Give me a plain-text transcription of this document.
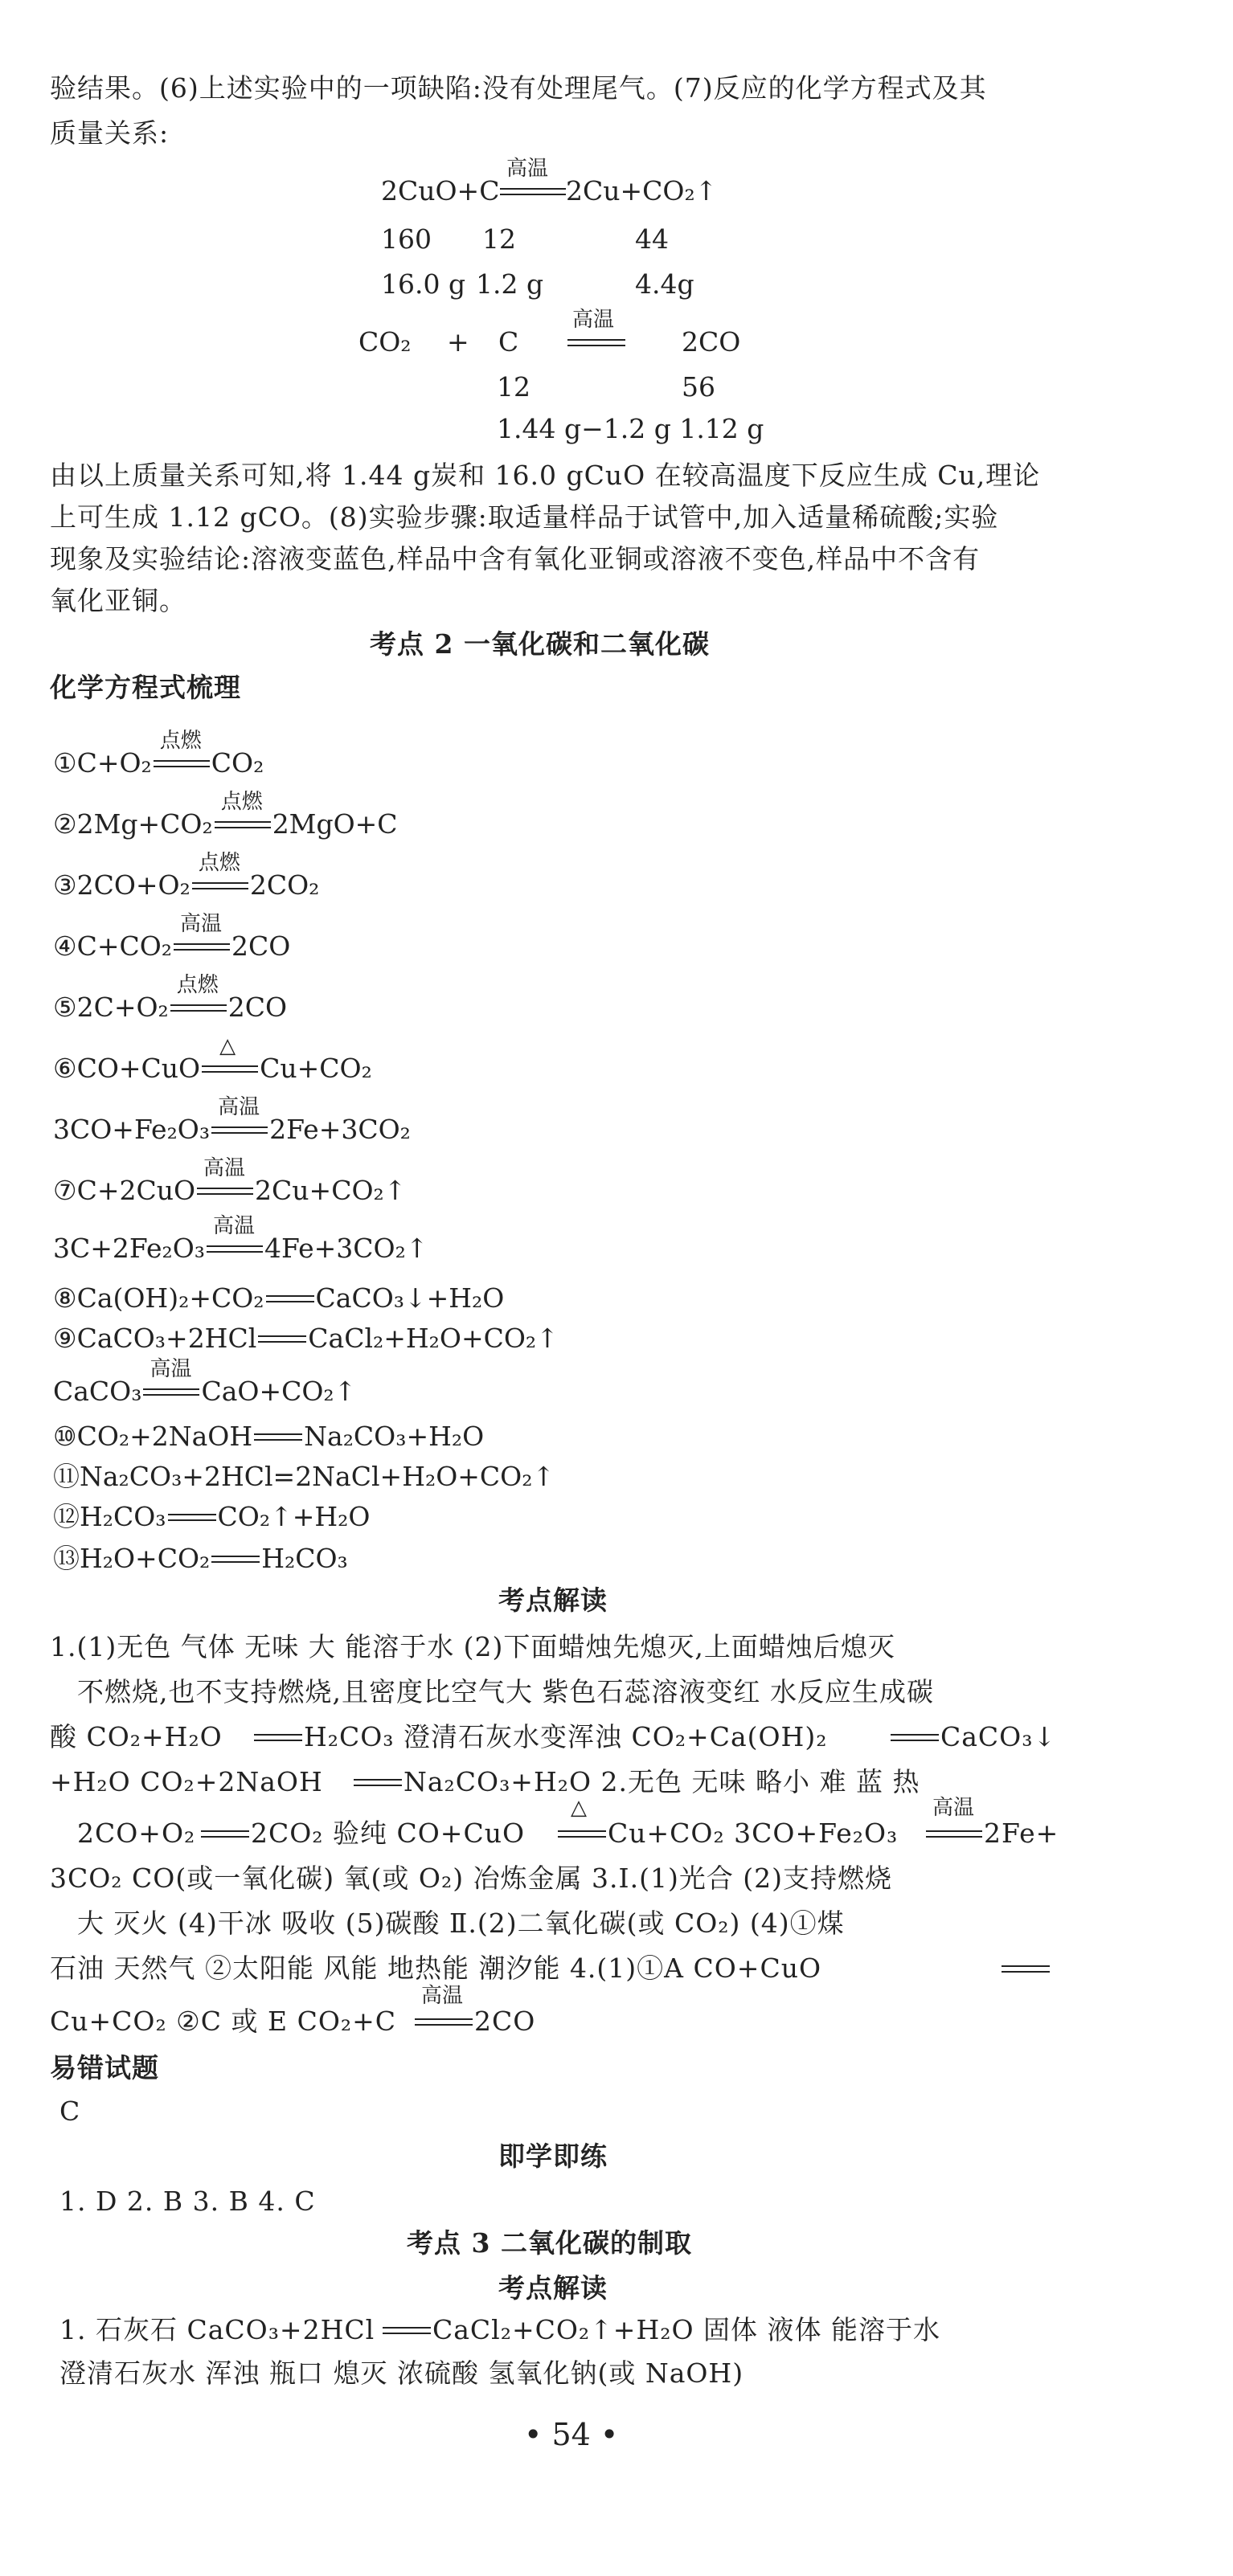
验结果。(6)上述实验中的一项缺陷:没有处理尾气。(7)反应的化学方程式及其
质量关系:
2CuO+C
高温
2Cu+CO₂↑
160 12	44
16.0 g 1.2 g	4.4g
CO₂ + C
高温
2CO
12	56
1.44 g−1.2 g 1.12 g
由以上质量关系可知,将 1.44 g炭和 16.0 gCuO 在较高温度下反应生成 Cu,理论
上可生成 1.12 gCO。(8)实验步骤:取适量样品于试管中,加入适量稀硫酸;实验
现象及实验结论:溶液变蓝色,样品中含有氧化亚铜或溶液不变色,样品中不含有
氧化亚铜。
考点 2 一氧化碳和二氧化碳
化学方程式梳理
①C+O₂
点燃
CO₂
②2Mg+CO₂
点燃
2MgO+C
③2CO+O₂
点燃
2CO₂
④C+CO₂
高温
2CO
⑤2C+O₂
点燃
2CO
⑥CO+CuO
△
Cu+CO₂
3CO+Fe₂O₃
高温
2Fe+3CO₂
⑦C+2CuO
高温
2Cu+CO₂↑
3C+2Fe₂O₃
高温
4Fe+3CO₂↑
⑧Ca(OH)₂+CO₂ CaCO₃↓+H₂O
⑨CaCO₃+2HCl CaCl₂+H₂O+CO₂↑
CaCO₃
高温
CaO+CO₂↑
⑩CO₂+2NaOH Na₂CO₃+H₂O
⑪Na₂CO₃+2HCl=2NaCl+H₂O+CO₂↑
⑫H₂CO₃ CO₂↑+H₂O
⑬H₂O+CO₂ H₂CO₃
考点解读
1.(1)无色 气体 无味 大 能溶于水 (2)下面蜡烛先熄灭,上面蜡烛后熄灭
不燃烧,也不支持燃烧,且密度比空气大 紫色石蕊溶液变红 水反应生成碳
酸 CO₂+H₂O	H₂CO₃ 澄清石灰水变浑浊 CO₂+Ca(OH)₂	CaCO₃↓
+H₂O CO₂+2NaOH	Na₂CO₃+H₂O 2.无色 无味 略小 难 蓝 热
2CO+O₂ 2CO₂ 验纯 CO+CuO
△
Cu+CO₂ 3CO+Fe₂O₃
高温
2Fe+
3CO₂ CO(或一氧化碳) 氧(或 O₂) 冶炼金属 3.Ⅰ.(1)光合 (2)支持燃烧
大 灭火 (4)干冰 吸收 (5)碳酸 Ⅱ.(2)二氧化碳(或 CO₂) (4)①煤
石油 天然气 ②太阳能 风能 地热能 潮汐能 4.(1)①A CO+CuO
Cu+CO₂ ②C 或 E CO₂+C
高温
2CO
易错试题
C
即学即练
1. D 2. B 3. B 4. C
考点 3 二氧化碳的制取
考点解读
1. 石灰石 CaCO₃+2HCl CaCl₂+CO₂↑+H₂O 固体 液体 能溶于水
澄清石灰水 浑浊 瓶口 熄灭 浓硫酸 氢氧化钠(或 NaOH)
• 54 •
